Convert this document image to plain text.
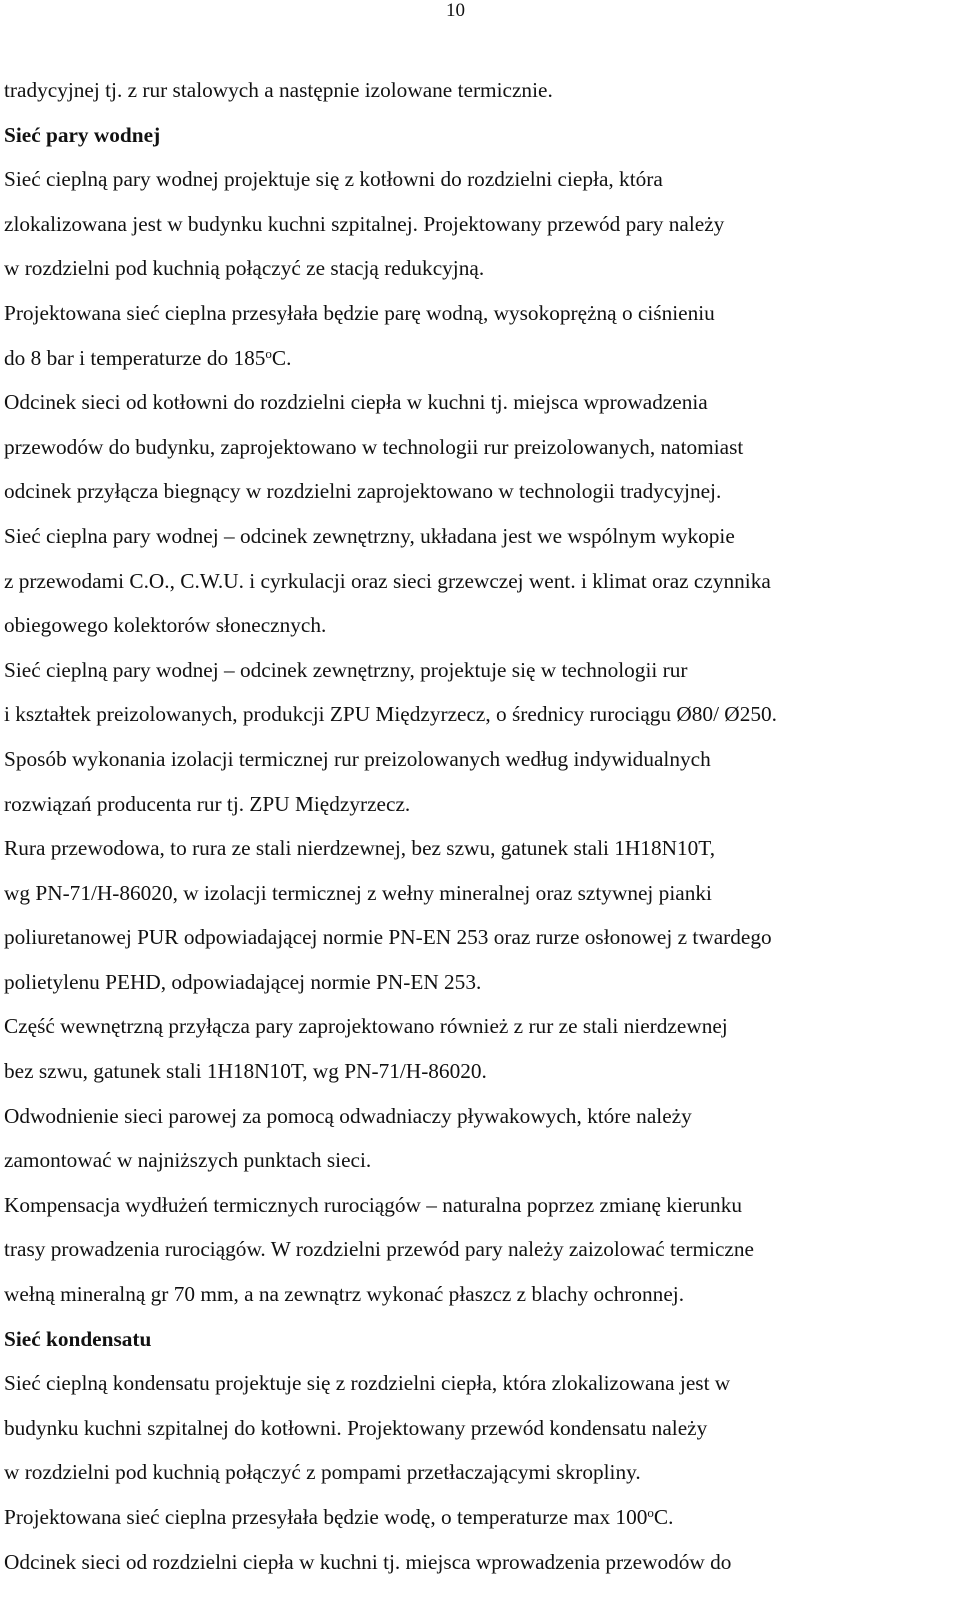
10
tradycyjnej tj. z rur stalowych a następnie izolowane termicznie.
Sieć pary wodnej
Sieć cieplną pary wodnej projektuje się z kotłowni do rozdzielni ciepła, która
zlokalizowana jest w budynku kuchni szpitalnej. Projektowany przewód pary należy
w rozdzielni pod kuchnią połączyć ze stacją redukcyjną.
Projektowana sieć cieplna przesyłała będzie parę wodną, wysokoprężną o ciśnieniu
do 8 bar i temperaturze do 185$^o$C.
Odcinek sieci od kotłowni do rozdzielni ciepła w kuchni tj. miejsca wprowadzenia
przewodów do budynku, zaprojektowano w technologii rur preizolowanych, natomiast
odcinek przyłącza biegnący w rozdzielni zaprojektowano w technologii tradycyjnej.
Sieć cieplna pary wodnej – odcinek zewnętrzny, układana jest we wspólnym wykopie
z przewodami C.O., C.W.U. i cyrkulacji oraz sieci grzewczej went. i klimat oraz czynnika
obiegowego kolektorów słonecznych.
Sieć cieplną pary wodnej – odcinek zewnętrzny, projektuje się w technologii rur
i kształtek preizolowanych, produkcji ZPU Międzyrzecz, o średnicy rurociągu Ø80/ Ø250.
Sposób wykonania izolacji termicznej rur preizolowanych według indywidualnych
rozwiązań producenta rur tj. ZPU Międzyrzecz.
Rura przewodowa, to rura ze stali nierdzewnej, bez szwu, gatunek stali 1H18N10T,
wg PN-71/H-86020, w izolacji termicznej z wełny mineralnej oraz sztywnej pianki
poliuretanowej PUR odpowiadającej normie PN-EN 253 oraz rurze osłonowej z twardego
polietylenu PEHD, odpowiadającej normie PN-EN 253.
Część wewnętrzną przyłącza pary zaprojektowano również z rur ze stali nierdzewnej
bez szwu, gatunek stali 1H18N10T, wg PN-71/H-86020.
Odwodnienie sieci parowej za pomocą odwadniaczy pływakowych, które należy
zamontować w najniższych punktach sieci.
Kompensacja wydłużeń termicznych rurociągów – naturalna poprzez zmianę kierunku
trasy prowadzenia rurociągów. W rozdzielni przewód pary należy zaizolować termiczne
wełną mineralną gr 70 mm, a na zewnątrz wykonać płaszcz z blachy ochronnej.
Sieć kondensatu
Sieć cieplną kondensatu projektuje się z rozdzielni ciepła, która zlokalizowana jest w
budynku kuchni szpitalnej do kotłowni. Projektowany przewód kondensatu należy
w rozdzielni pod kuchnią połączyć z pompami przetłaczającymi skropliny.
Projektowana sieć cieplna przesyłała będzie wodę, o temperaturze max 100$^o$C.
Odcinek sieci od rozdzielni ciepła w kuchni tj. miejsca wprowadzenia przewodów do
